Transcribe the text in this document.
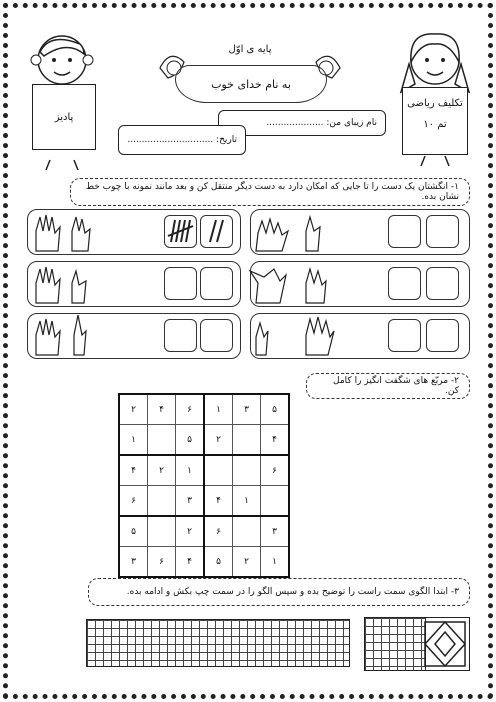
پادیز
تکلیف ریاضی
تم ۱۰
پایه ی اوّل
به نام خدای خوب
نام زیبای من: ....................
تاریخ: ..............................
۱- انگشتان یک دست را تا جایی که امکان دارد به دست دیگر منتقل کن و بعد مانند نمونه با چوب خط نشان بده.
۲- مربّع های شگفت انگیز را کامل کن.
۵	۳	۱	۶	۴	۲
۴		۲	۵		۱
۶			۱	۲	۴
	۱	۴	۳		۶
۳		۶	۲		۵
۱	۲	۵	۴	۶	۳
۳- ابتدا الگوی سمت راست را توضیح بده و سپس الگو را در سمت چپ بکش و ادامه بده.
